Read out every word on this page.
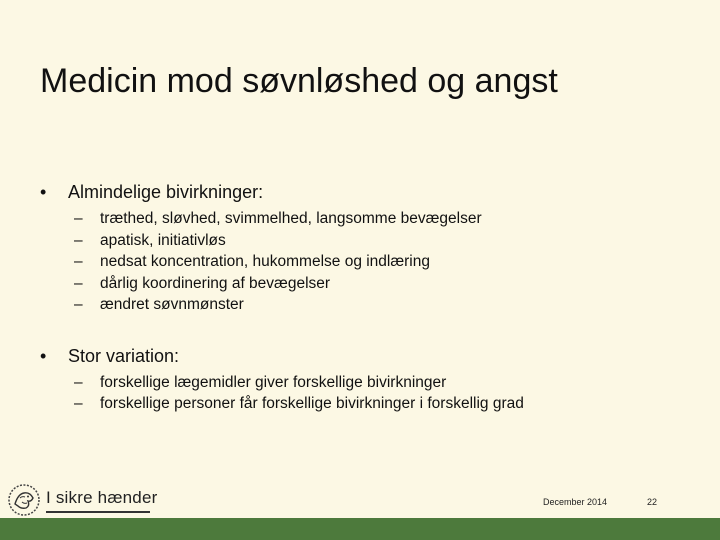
Medicin mod søvnløshed og angst
• Almindelige bivirkninger:
– træthed, sløvhed, svimmelhed, langsomme bevægelser
– apatisk, initiativløs
– nedsat koncentration, hukommelse og indlæring
– dårlig koordinering af bevægelser
– ændret søvnmønster
• Stor variation:
– forskellige lægemidler giver forskellige bivirkninger
– forskellige personer får forskellige bivirkninger i forskellig grad
I sikre hænder	December 2014	22
